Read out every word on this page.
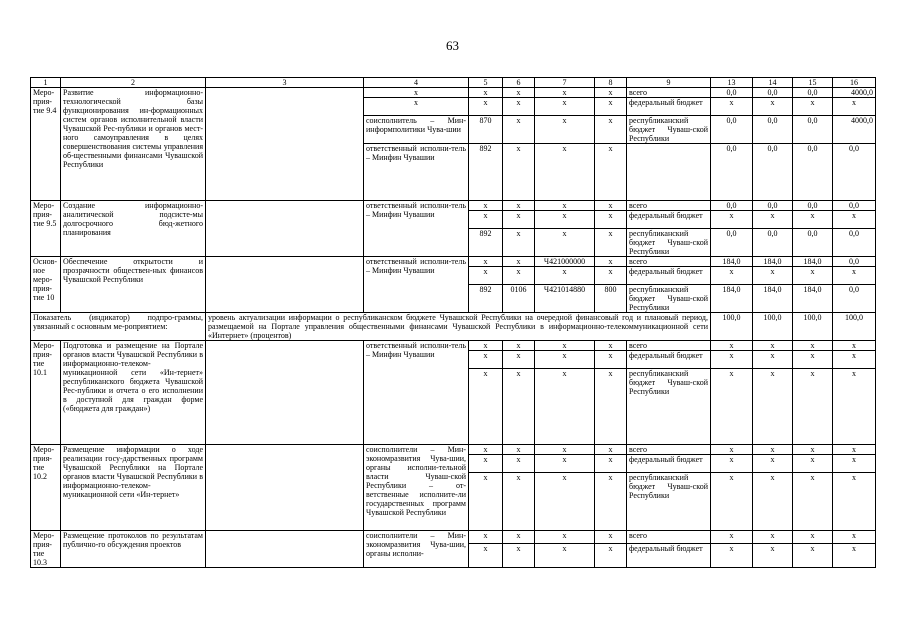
63
1	2	3	4	5	6	7	8	9	13	14	15	16
Меро-прия-тие 9.4	Развитие информационно-технологической базы функционирования ин-формационных систем органов исполнительной власти Чувашской Рес-публики и органов мест-ного самоуправления в целях совершенствования системы управления об-щественными финансами Чувашской Республики		x	x	x	x	x	всего	0,0	0,0	0,0	4000,0
			x	x	x	x	x	федеральный бюджет	x	x	x	x
			соисполнитель – Мин-информполитики Чува-шии	870	x	x	x	республиканский бюджет Чуваш-ской Республики	0,0	0,0	0,0	4000,0
			ответственный исполни-тель – Минфин Чувашии	892	x	x	x		0,0	0,0	0,0	0,0
Меро-прия-тие 9.5	Создание информационно-аналитической подсисте-мы долгосрочного бюд-жетного планирования		ответственный исполни-тель – Минфин Чувашии	x	x	x	x	всего	0,0	0,0	0,0	0,0
				x	x	x	x	федеральный бюджет	x	x	x	x
				892	x	x	x	республиканский бюджет Чуваш-ской Республики	0,0	0,0	0,0	0,0
Основ-ное меро-прия-тие 10	Обеспечение открытости и прозрачности обществен-ных финансов Чувашской Республики		ответственный исполни-тель – Минфин Чувашии	x	x	Ч421000000	x	всего	184,0	184,0	184,0	0,0
				x	x	x	x	федеральный бюджет	x	x	x	x
				892	0106	Ч421014880	800	республиканский бюджет Чуваш-ской Республики	184,0	184,0	184,0	0,0
Показатель (индикатор) подпро-граммы, увязанный с основным ме-роприятием:		уровень актуализации информации о республиканском бюджете Чувашской Республики на очередной финансовый год и плановый период, размещаемой на Портале управления общественными финансами Чувашской Республики в информационно-телекоммуникационной сети «Интернет» (процентов)							100,0	100,0	100,0	100,0
Меро-прия-тие 10.1	Подготовка и размещение на Портале органов власти Чувашской Республики в информационно-телеком-муникационной сети «Ин-тернет» республиканского бюджета Чувашской Рес-публики и отчета о его исполнении в доступной для граждан форме («бюджета для граждан»)		ответственный исполни-тель – Минфин Чувашии	x	x	x	x	всего	x	x	x	x
				x	x	x	x	федеральный бюджет	x	x	x	x
				x	x	x	x	республиканский бюджет Чуваш-ской Республики	x	x	x	x
Меро-прия-тие 10.2	Размещение информации о ходе реализации госу-дарственных программ Чувашской Республики на Портале органов власти Чувашской Республики в информационно-телеком-муникационной сети «Ин-тернет»		соисполнители – Мин-экономразвития Чува-шии, органы исполни-тельной власти Чуваш-ской Республики – от-ветственные исполните-ли государственных программ Чувашской Республики	x	x	x	x	всего	x	x	x	x
				x	x	x	x	федеральный бюджет	x	x	x	x
				x	x	x	x	республиканский бюджет Чуваш-ской Республики	x	x	x	x
Меро-прия-тие 10.3	Размещение протоколов по результатам публично-го обсуждения проектов		соисполнители – Мин-экономразвития Чува-шии, органы исполни-	x	x	x	x	всего	x	x	x	x
				x	x	x	x	федеральный бюджет	x	x	x	x
